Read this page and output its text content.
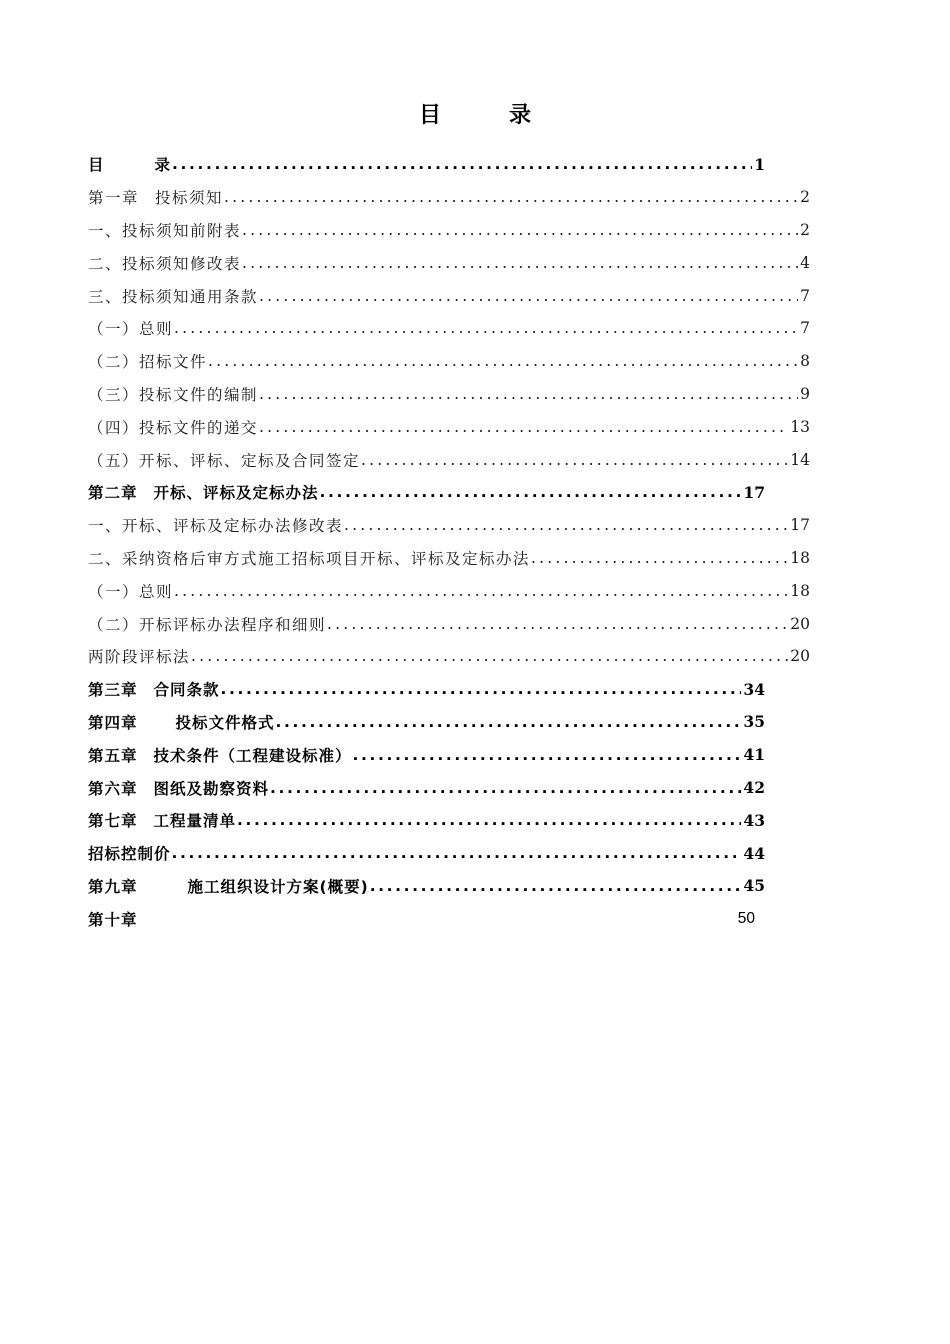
目	录
目	录 .....	1
第一章 投标须知 .....	2
一、投标须知前附表 .....	2
二、投标须知修改表 .....	4
三、投标须知通用条款 .....	7
（一）总则 .....	7
（二）招标文件 .....	8
（三）投标文件的编制 .....	9
（四）投标文件的递交 .....	13
（五）开标、评标、定标及合同签定 .....	14
第二章 开标、评标及定标办法 .....	17
一、开标、评标及定标办法修改表 .....	17
二、采纳资格后审方式施工招标项目开标、评标及定标办法 .....	18
（一）总则 .....	18
（二）开标评标办法程序和细则 .....	20
两阶段评标法 .....	20
第三章 合同条款 .....	34
第四章 投标文件格式 .....	35
第五章 技术条件（工程建设标准） .....	41
第六章 图纸及勘察资料 .....	42
第七章 工程量清单 .....	43
招标控制价 .....	44
第九章	施工组织设计方案(概要) .....	45
第十章	50
